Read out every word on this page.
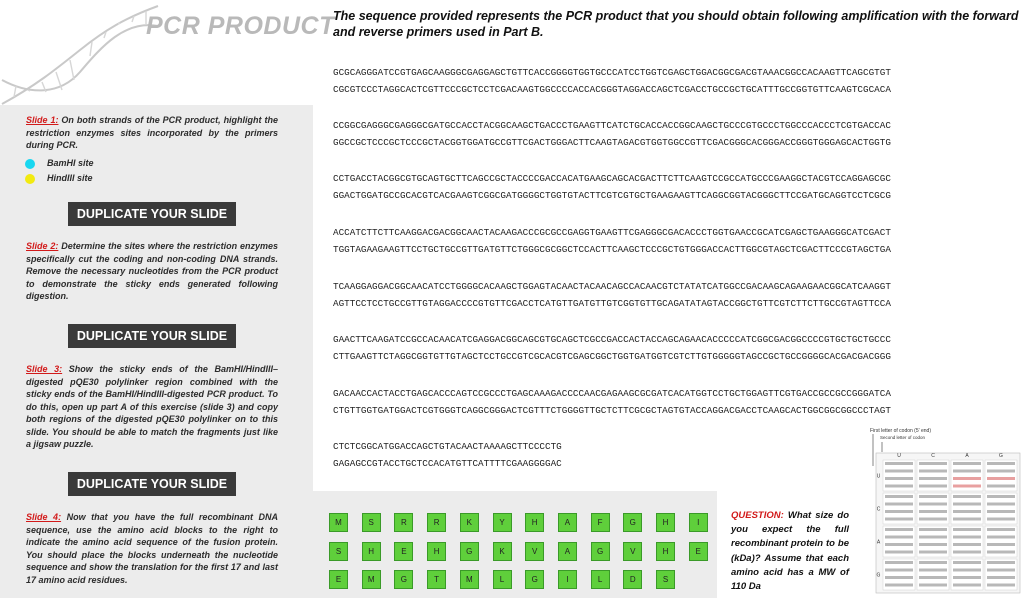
PCR PRODUCT
The sequence provided represents the PCR product that you should obtain following amplification with the forward and reverse primers used in Part B.
GCGCAGGGATCCGTGAGCAAGGGCGAGGAGCTGTTCACCGGGGTGGTGCCCATCCTGGTCGAGCTGGACGGCGACGTAAACGGCCACAAGTTCAGCGTGT
CGCGTCCCTAGGCACTCGTTCCCGCTCCTCGACAAGTGGCCCCACCACGGGTAGGACCAGCTCGACCTGCCGCTGCATTTGCCGGTGTTCAAGTCGCACA
CCGGCGAGGGCGAGGGCGATGCCACCTACGGCAAGCTGACCCTGAAGTTCATCTGCACCACCGGCAAGCTGCCCGTGCCCTGGCCCACCCTCGTGACCAC
GGCCGCTCCCGCTCCCGCTACGGTGGATGCCGTTCGACTGGGACTTCAAGTAGACGTGGTGGCCGTTCGACGGGCACGGGACCGGGTGGGAGCACTGGTG
CCTGACCTACGGCGTGCAGTGCTTCAGCCGCTACCCCGACCACATGAAGCAGCACGACTTCTTCAAGTCCGCCATGCCCGAAGGCTACGTCCAGGAGCGC
GGACTGGATGCCGCACGTCACGAAGTCGGCGATGGGGCTGGTGTACTTCGTCGTGCTGAAGAAGTTCAGGCGGTACGGGCTTCCGATGCAGGTCCTCGCG
ACCATCTTCTTCAAGGACGACGGCAACTACAAGACCCGCGCCGAGGTGAAGTTCGAGGGCGACACCCTGGTGAACCGCATCGAGCTGAAGGGCATCGACT
TGGTAGAAGAAGTTCCTGCTGCCGTTGATGTTCTGGGCGCGGCTCCACTTCAAGCTCCCGCTGTGGGACCACTTGGCGTAGCTCGACTTCCCGTAGCTGA
TCAAGGAGGACGGCAACATCCTGGGGCACAAGCTGGAGTACAACTACAACAGCCACAACGTCTATATCATGGCCGACAAGCAGAAGAACGGCATCAAGGT
AGTTCCTCCTGCCGTTGTAGGACCCCGTGTTCGACCTCATGTTGATGTTGTCGGTGTTGCAGATATAGTACCGGCTGTTCGTCTTCTTGCCGTAGTTCCA
GAACTTCAAGATCCGCCACAACATCGAGGACGGCAGCGTGCAGCTCGCCGACCACTACCAGCAGAACACCCCCATCGGCGACGGCCCCGTGCTGCTGCCC
CTTGAAGTTCTAGGCGGTGTTGTAGCTCCTGCCGTCGCACGTCGAGCGGCTGGTGATGGTCGTCTTGTGGGGGTAGCCGCTGCCGGGGCACGACGACGGG
GACAACCACTACCTGAGCACCCAGTCCGCCCTGAGCAAAGACCCCAACGAGAAGCGCGATCACATGGTCCTGCTGGAGTTCGTGACCGCCGCCGGGATCA
CTGTTGGTGATGGACTCGTGGGTCAGGCGGGACTCGTTTCTGGGGTTGCTCTTCGCGCTAGTGTACCAGGACGACCTCAAGCACTGGCGGCGGCCCTAGT
CTCTCGGCATGGACCAGCTGTACAACTAAAAGCTTCCCCTG
GAGAGCCGTACCTGCTCCACATGTTCATTTTCGAAGGGGAC
Slide 1: On both strands of the PCR product, highlight the restriction enzymes sites incorporated by the primers during PCR.
BamHI site
HindIII site
DUPLICATE YOUR SLIDE
Slide 2: Determine the sites where the restriction enzymes specifically cut the coding and non-coding DNA strands. Remove the necessary nucleotides from the PCR product to demonstrate the sticky ends generated following digestion.
DUPLICATE YOUR SLIDE
Slide 3: Show the sticky ends of the BamHI/HindIII–digested pQE30 polylinker region combined with the sticky ends of the BamHI/HindIII-digested PCR product. To do this, open up part A of this exercise (slide 3) and copy both regions of the digested pQE30 polylinker on to this slide. You should be able to match the fragments just like a jigsaw puzzle.
DUPLICATE YOUR SLIDE
Slide 4: Now that you have the full recombinant DNA sequence, use the amino acid blocks to the right to indicate the amino acid sequence of the fusion protein. You should place the blocks underneath the nucleotide sequence and show the translation for the first 17 and last 17 amino acid residues.
M	S	R	R	K	Y	H	A	F	G	H	I
S	H	E	H	G	K	V	A	G	V	H	E
E	M	G	T	M	L	G	I	L	D	S
QUESTION: What size do you expect the full recombinant protein to be (kDa)? Assume that each amino acid has a MW of 110 Da
First letter of codon (5' end)
Second letter of codon
U	C	A	G
U
C
A
G
